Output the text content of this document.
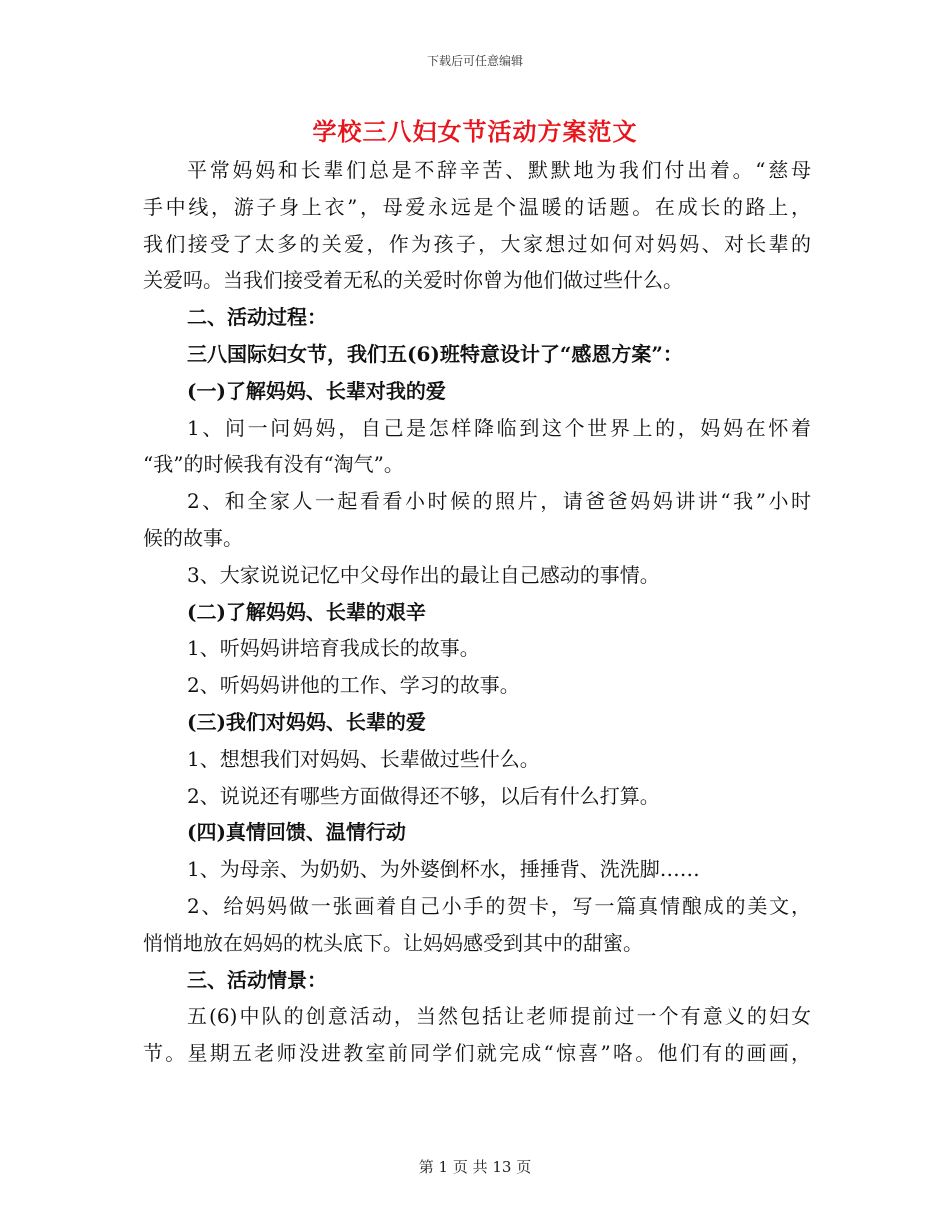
下载后可任意编辑
学校三八妇女节活动方案范文
平常妈妈和长辈们总是不辞辛苦、默默地为我们付出着。“慈母
手中线，游子身上衣”，母爱永远是个温暖的话题。在成长的路上，
我们接受了太多的关爱，作为孩子，大家想过如何对妈妈、对长辈的
关爱吗。当我们接受着无私的关爱时你曾为他们做过些什么。
二、活动过程：
三八国际妇女节，我们五(6)班特意设计了“感恩方案”：
(一)了解妈妈、长辈对我的爱
1、问一问妈妈，自己是怎样降临到这个世界上的，妈妈在怀着
“我”的时候我有没有“淘气”。
2、和全家人一起看看小时候的照片，请爸爸妈妈讲讲“我”小时
候的故事。
3、大家说说记忆中父母作出的最让自己感动的事情。
(二)了解妈妈、长辈的艰辛
1、听妈妈讲培育我成长的故事。
2、听妈妈讲他的工作、学习的故事。
(三)我们对妈妈、长辈的爱
1、想想我们对妈妈、长辈做过些什么。
2、说说还有哪些方面做得还不够，以后有什么打算。
(四)真情回馈、温情行动
1、为母亲、为奶奶、为外婆倒杯水，捶捶背、洗洗脚……
2、给妈妈做一张画着自己小手的贺卡，写一篇真情酿成的美文，
悄悄地放在妈妈的枕头底下。让妈妈感受到其中的甜蜜。
三、活动情景：
五(6)中队的创意活动，当然包括让老师提前过一个有意义的妇女
节。星期五老师没进教室前同学们就完成“惊喜”咯。他们有的画画，
第 1 页 共 13 页
